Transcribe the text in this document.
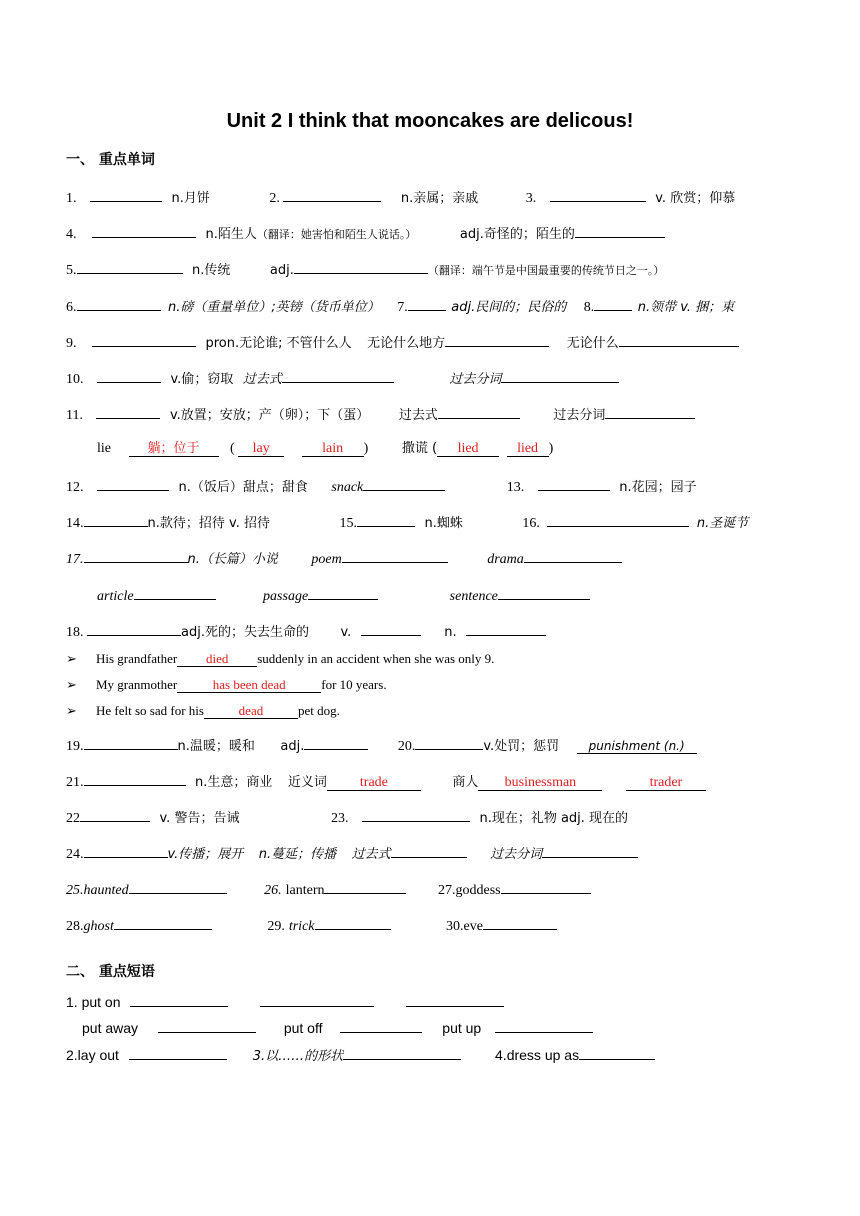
Unit 2 I think that mooncakes are delicous!
一、 重点单词
1.	n.月饼	2.	n.亲属；亲戚	3.	v. 欣赏；仰慕
4.	n.陌生人（翻译：她害怕和陌生人说话。）	adj.奇怪的；陌生的
5.	n.传统	adj.	（翻译：端午节是中国最重要的传统节日之一。）
6.	n.磅（重量单位）;英镑（货币单位） 7.	adj.民间的；民俗的 8.	n.领带 v. 捆；束
9.	pron.无论谁; 不管什么人 无论什么地方	无论什么
10.	v.偷；窃取 过去式	过去分词
11.	v.放置；安放；产（卵）；下（蛋） 过去式	过去分词
lie	躺；位于 ( lay	lain )	撒谎 ( lied	lied )
12.	n.（饭后）甜点；甜食 snack	13.	n.花园；园子
14.	n.款待；招待 v. 招待	15.	n.蜘蛛	16.	n.圣诞节
17.	n.（长篇）小说 poem	drama
article	passage	sentence
18.	adj.死的；失去生命的 v.	n.
➢ His grandfather died suddenly in an accident when she was only 9.
➢ My granmother	has been dead	for 10 years.
➢ He felt so sad for his	dead	pet dog.
19.	n.温暖；暖和 adj.	20.	v.处罚；惩罚 punishment (n.)
21.	n.生意；商业 近义词 trade	商人 businessman	trader
22	v. 警告；告诫	23.	n.现在；礼物 adj. 现在的
24.	v.传播；展开 n.蔓延；传播 过去式	过去分词
25.haunted	26. lantern	27.goddess
28.ghost	29. trick	30.eve
二、 重点短语
1. put on
put away	put off	put up
2.lay out	3.以……的形状	4.dress up as
